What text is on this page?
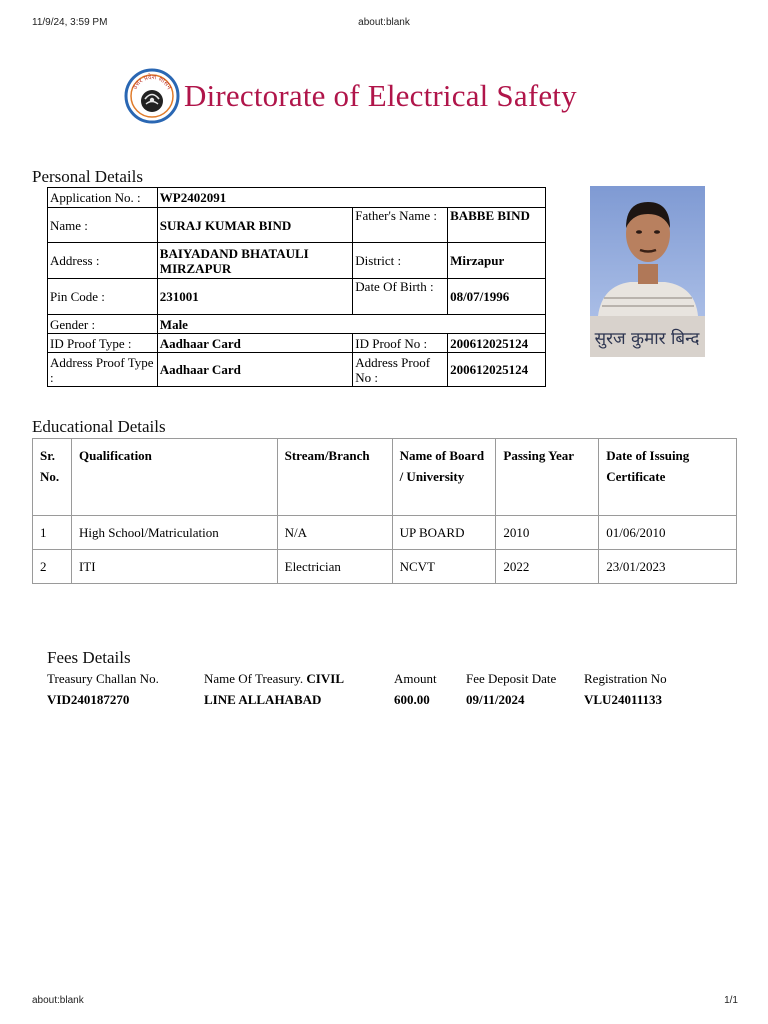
11/9/24, 3:59 PM	about:blank
उत्तर प्रदेश शासन Directorate of Electrical Safety
Personal Details
Application No. :	WP2402091		
Name :	SURAJ KUMAR BIND	Father's Name :	BABBE BIND
Address :	BAIYADAND BHATAULI MIRZAPUR	District :	Mirzapur
Pin Code :	231001	Date Of Birth :	08/07/1996
Gender :	Male		
ID Proof Type :	Aadhaar Card	ID Proof No :	200612025124
Address Proof Type :	Aadhaar Card	Address Proof No :	200612025124
सुरज कुमार बिन्द
Educational Details
Sr. No.	Qualification	Stream/Branch	Name of Board / University	Passing Year	Date of Issuing Certificate
1	High School/Matriculation	N/A	UP BOARD	2010	01/06/2010
2	ITI	Electrician	NCVT	2022	23/01/2023
Fees Details
Treasury Challan No.	Name Of Treasury. CIVIL	Amount	Fee Deposit Date	Registration No
VID240187270	LINE ALLAHABAD	600.00	09/11/2024	VLU24011133
about:blank	1/1
